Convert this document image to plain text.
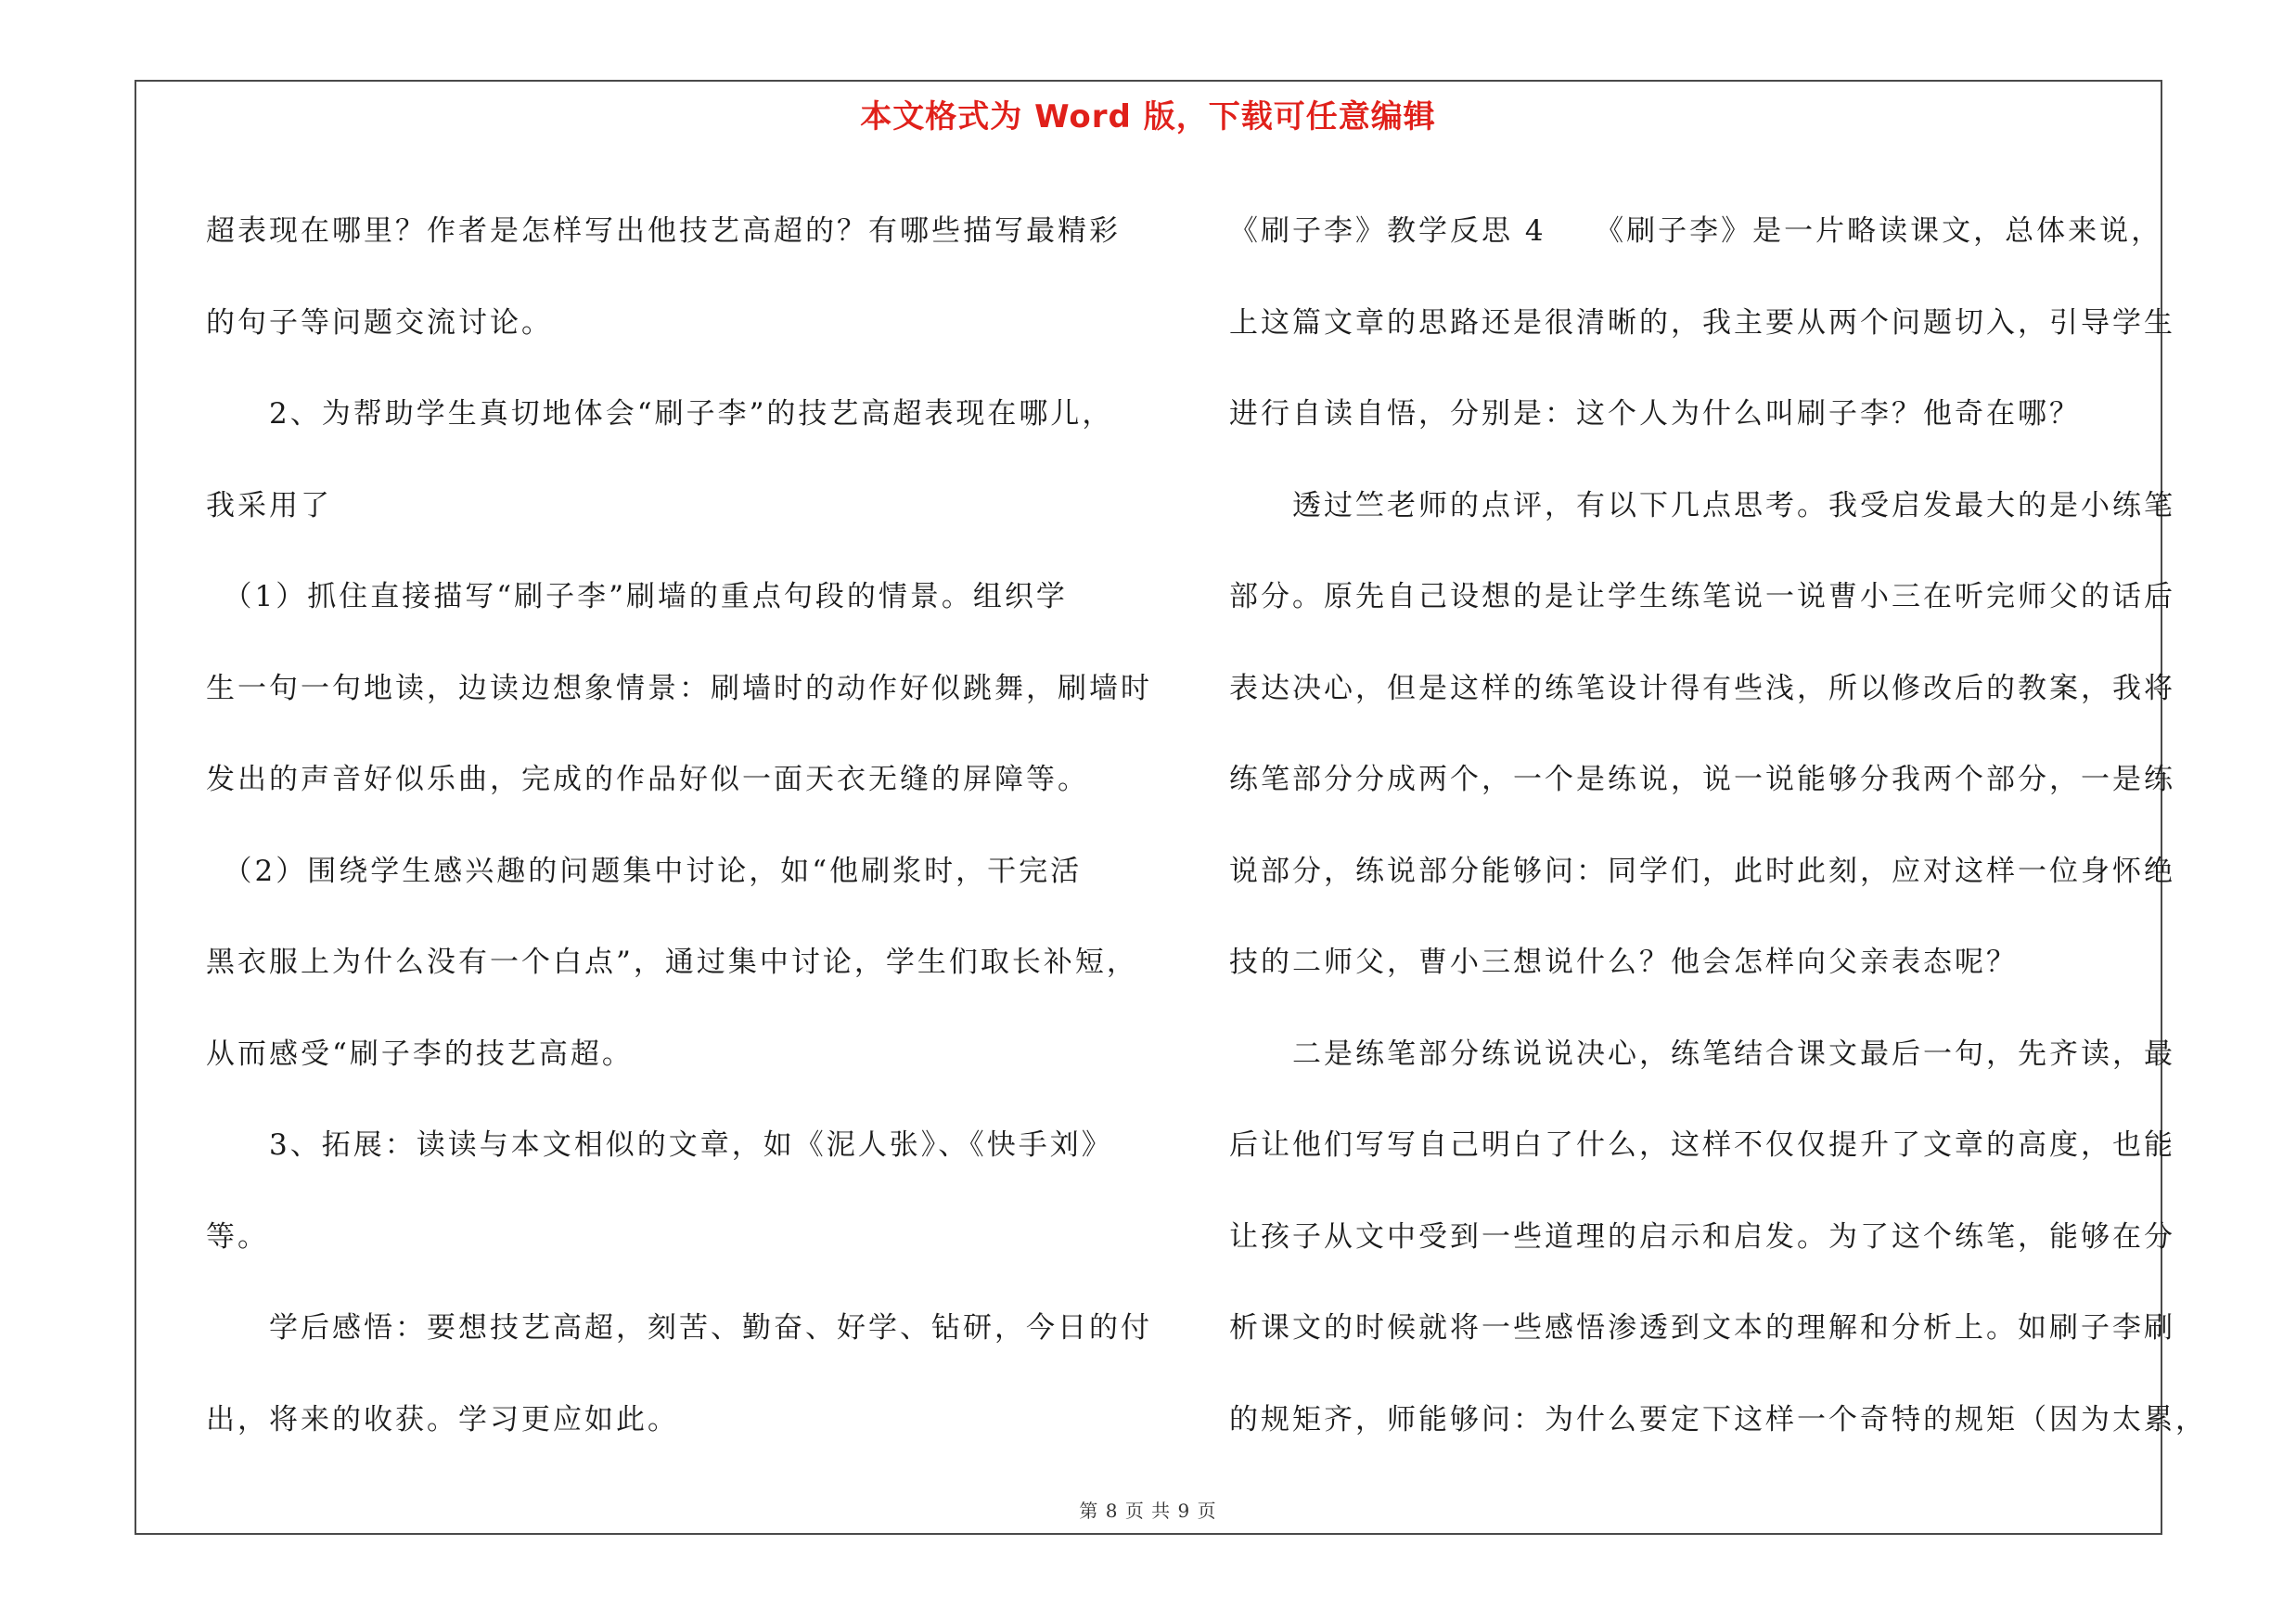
本文格式为 Word 版，下载可任意编辑

超表现在哪里？作者是怎样写出他技艺高超的？有哪些描写最精彩

的句子等问题交流讨论。

　　2、为帮助学生真切地体会“刷子李”的技艺高超表现在哪儿，

我采用了

　（1）抓住直接描写“刷子李”刷墙的重点句段的情景。组织学

生一句一句地读，边读边想象情景：刷墙时的动作好似跳舞，刷墙时

发出的声音好似乐曲，完成的作品好似一面天衣无缝的屏障等。

　（2）围绕学生感兴趣的问题集中讨论，如“他刷浆时，干完活

黑衣服上为什么没有一个白点”，通过集中讨论，学生们取长补短，

从而感受“刷子李的技艺高超。

　　3、拓展：读读与本文相似的文章，如《泥人张》、《快手刘》

等。

　　学后感悟：要想技艺高超，刻苦、勤奋、好学、钻研，今日的付

出，将来的收获。学习更应如此。

《刷子李》教学反思 4　　《刷子李》是一片略读课文，总体来说，

上这篇文章的思路还是很清晰的，我主要从两个问题切入，引导学生

进行自读自悟，分别是：这个人为什么叫刷子李？他奇在哪？

　　透过竺老师的点评，有以下几点思考。我受启发最大的是小练笔

部分。原先自己设想的是让学生练笔说一说曹小三在听完师父的话后

表达决心，但是这样的练笔设计得有些浅，所以修改后的教案，我将

练笔部分分成两个，一个是练说，说一说能够分我两个部分，一是练

说部分，练说部分能够问：同学们，此时此刻，应对这样一位身怀绝

技的二师父，曹小三想说什么？他会怎样向父亲表态呢？

　　二是练笔部分练说说决心，练笔结合课文最后一句，先齐读，最

后让他们写写自己明白了什么，这样不仅仅提升了文章的高度，也能

让孩子从文中受到一些道理的启示和启发。为了这个练笔，能够在分

析课文的时候就将一些感悟渗透到文本的理解和分析上。如刷子李刷

的规矩齐，师能够问：为什么要定下这样一个奇特的规矩（因为太累，

第 8 页 共 9 页
